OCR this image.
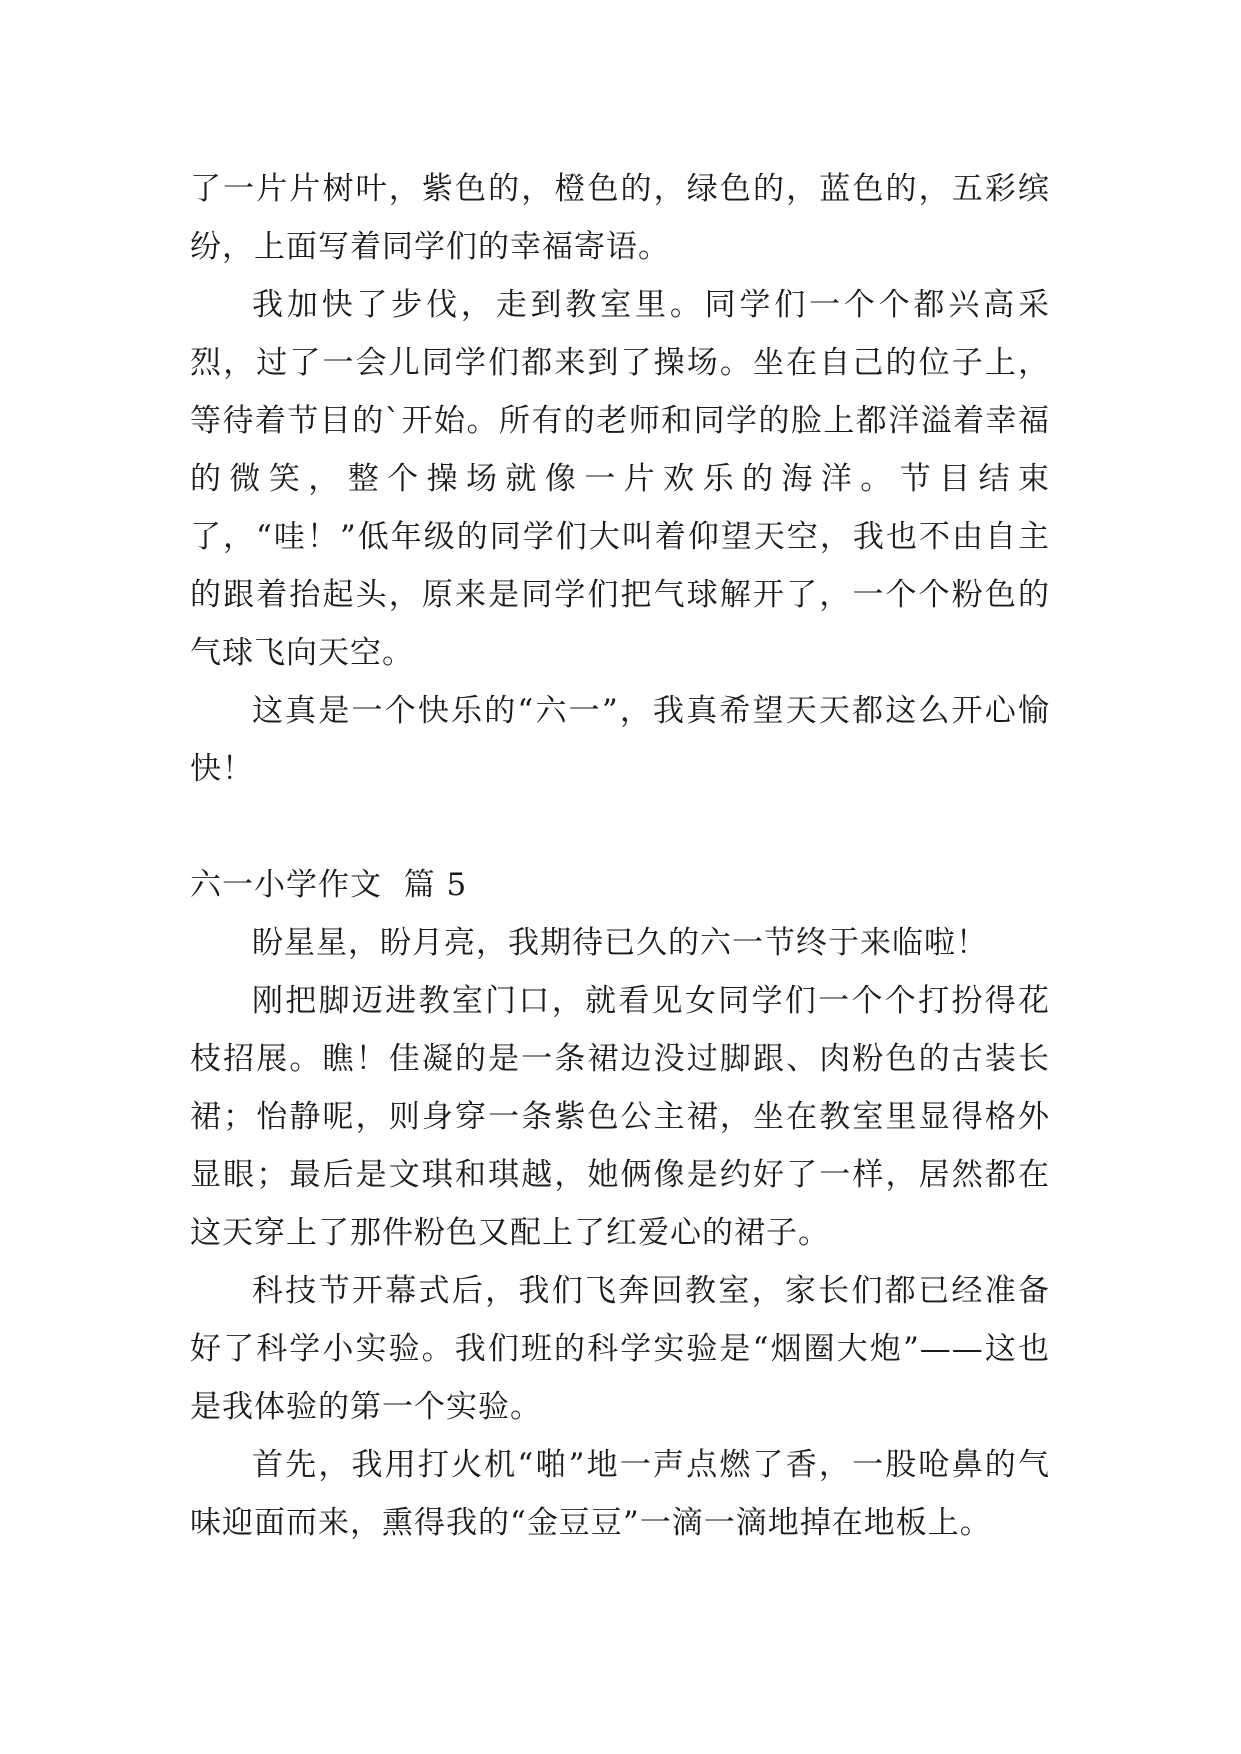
了一片片树叶，紫色的，橙色的，绿色的，蓝色的，五彩缤纷，上面写着同学们的幸福寄语。

我加快了步伐，走到教室里。同学们一个个都兴高采烈，过了一会儿同学们都来到了操场。坐在自己的位子上，等待着节目的`开始。所有的老师和同学的脸上都洋溢着幸福的微笑，整个操场就像一片欢乐的海洋。节目结束了，“哇！”低年级的同学们大叫着仰望天空，我也不由自主的跟着抬起头，原来是同学们把气球解开了，一个个粉色的气球飞向天空。

这真是一个快乐的“六一”，我真希望天天都这么开心愉快！

六一小学作文  篇 5

盼星星，盼月亮，我期待已久的六一节终于来临啦！

刚把脚迈进教室门口，就看见女同学们一个个打扮得花枝招展。瞧！佳凝的是一条裙边没过脚跟、肉粉色的古装长裙；怡静呢，则身穿一条紫色公主裙，坐在教室里显得格外显眼；最后是文琪和琪越，她俩像是约好了一样，居然都在这天穿上了那件粉色又配上了红爱心的裙子。

科技节开幕式后，我们飞奔回教室，家长们都已经准备好了科学小实验。我们班的科学实验是“烟圈大炮”——这也是我体验的第一个实验。

首先，我用打火机“啪”地一声点燃了香，一股呛鼻的气味迎面而来，熏得我的“金豆豆”一滴一滴地掉在地板上。
